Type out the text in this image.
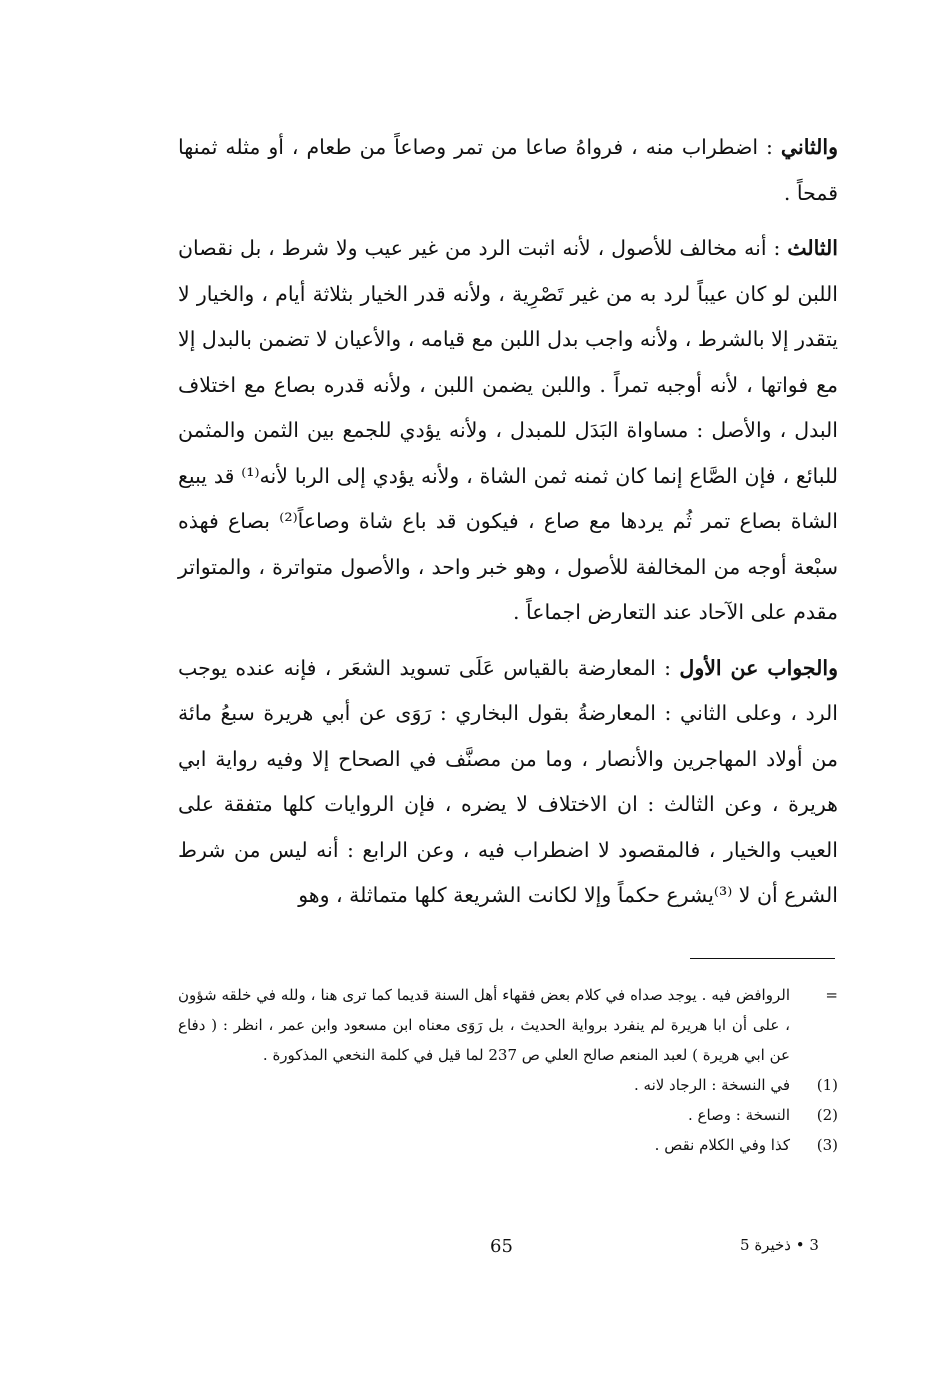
والثاني : اضطراب منه ، فرواهُ صاعا من تمر وصاعاً من طعام ، أو مثله ثمنها قمحاً .

الثالث : أنه مخالف للأصول ، لأنه اثبت الرد من غير عيب ولا شرط ، بل نقصان اللبن لو كان عيباً لرد به من غير تَصْرِية ، ولأنه قدر الخيار بثلاثة أيام ، والخيار لا يتقدر إلا بالشرط ، ولأنه واجب بدل اللبن مع قيامه ، والأعيان لا تضمن بالبدل إلا مع فواتها ، لأنه أوجبه تمراً . واللبن يضمن اللبن ، ولأنه قدره بصاع مع اختلاف البدل ، والأصل : مساواة البَدَل للمبدل ، ولأنه يؤدي للجمع بين الثمن والمثمن للبائع ، فإن الصَّاع إنما كان ثمنه ثمن الشاة ، ولأنه يؤدي إلى الربا لأنه⁽¹⁾ قد يبيع الشاة بصاع تمر ثُم يردها مع صاع ، فيكون قد باع شاة وصاعاً⁽²⁾ بصاع فهذه سبْعة أوجه من المخالفة للأصول ، وهو خبر واحد ، والأصول متواترة ، والمتواتر مقدم على الآحاد عند التعارض اجماعاً .

والجواب عن الأول : المعارضة بالقياس عَلَى تسويد الشعَر ، فإنه عنده يوجب الرد ، وعلى الثاني : المعارضةُ بقول البخاري : رَوَى عن أبي هريرة سبعُ مائة من أولاد المهاجرين والأنصار ، وما من مصنَّف في الصحاح إلا وفيه رواية ابي هريرة ، وعن الثالث : ان الاختلاف لا يضره ، فإن الروايات كلها متفقة على العيب والخيار ، فالمقصود لا اضطراب فيه ، وعن الرابع : أنه ليس من شرط الشرع أن لا ⁽³⁾يشرع حكماً وإلا لكانت الشريعة كلها متماثلة ، وهو

=
الروافض فيه . يوجد صداه في كلام بعض فقهاء أهل السنة قديما كما ترى هنا ، ولله في خلقه شؤون ، على أن ابا هريرة لم ينفرد برواية الحديث ، بل رَوَى معناه ابن مسعود وابن عمر ، انظر : ( دفاع عن ابي هريرة ) لعبد المنعم صالح العلي ص 237 لما قيل في كلمة النخعي المذكورة .
(1)
في النسخة : الرجاد لانه .
(2)
النسخة : وصاع .
(3)
كذا وفي الكلام نقص .
65	3 • ذخيرة 5
